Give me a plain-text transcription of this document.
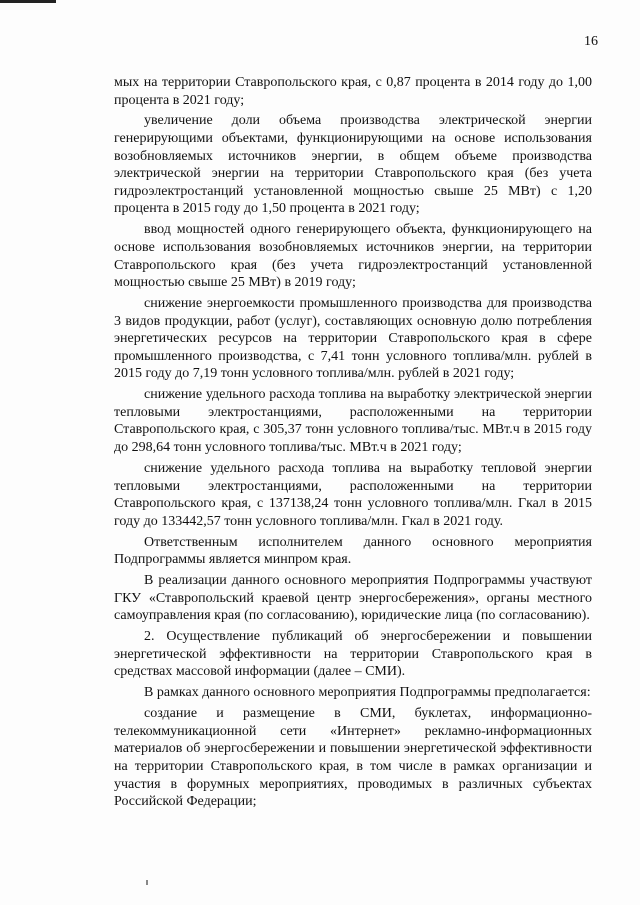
16

мых на территории Ставропольского края, с 0,87 процента в 2014 году до 1,00 процента в 2021 году;

увеличение доли объема производства электрической энергии генерирующими объектами, функционирующими на основе использования возобновляемых источников энергии, в общем объеме производства электрической энергии на территории Ставропольского края (без учета гидроэлектростанций установленной мощностью свыше 25 МВт) с 1,20 процента в 2015 году до 1,50 процента в 2021 году;

ввод мощностей одного генерирующего объекта, функционирующего на основе использования возобновляемых источников энергии, на территории Ставропольского края (без учета гидроэлектростанций установленной мощностью свыше 25 МВт) в 2019 году;

снижение энергоемкости промышленного производства для производства 3 видов продукции, работ (услуг), составляющих основную долю потребления энергетических ресурсов на территории Ставропольского края в сфере промышленного производства, с 7,41 тонн условного топлива/млн. рублей в 2015 году до 7,19 тонн условного топлива/млн. рублей в 2021 году;

снижение удельного расхода топлива на выработку электрической энергии тепловыми электростанциями, расположенными на территории Ставропольского края, с 305,37 тонн условного топлива/тыс. МВт.ч в 2015 году до 298,64 тонн условного топлива/тыс. МВт.ч в 2021 году;

снижение удельного расхода топлива на выработку тепловой энергии тепловыми электростанциями, расположенными на территории Ставропольского края, с 137138,24 тонн условного топлива/млн. Гкал в 2015 году до 133442,57 тонн условного топлива/млн. Гкал в 2021 году.

Ответственным исполнителем данного основного мероприятия Подпрограммы является минпром края.

В реализации данного основного мероприятия Подпрограммы участвуют ГКУ «Ставропольский краевой центр энергосбережения», органы местного самоуправления края (по согласованию), юридические лица (по согласованию).

2. Осуществление публикаций об энергосбережении и повышении энергетической эффективности на территории Ставропольского края в средствах массовой информации (далее – СМИ).

В рамках данного основного мероприятия Подпрограммы предполагается:

создание и размещение в СМИ, буклетах, информационно-телекоммуникационной сети «Интернет» рекламно-информационных материалов об энергосбережении и повышении энергетической эффективности на территории Ставропольского края, в том числе в рамках организации и участия в форумных мероприятиях, проводимых в различных субъектах Российской Федерации;
